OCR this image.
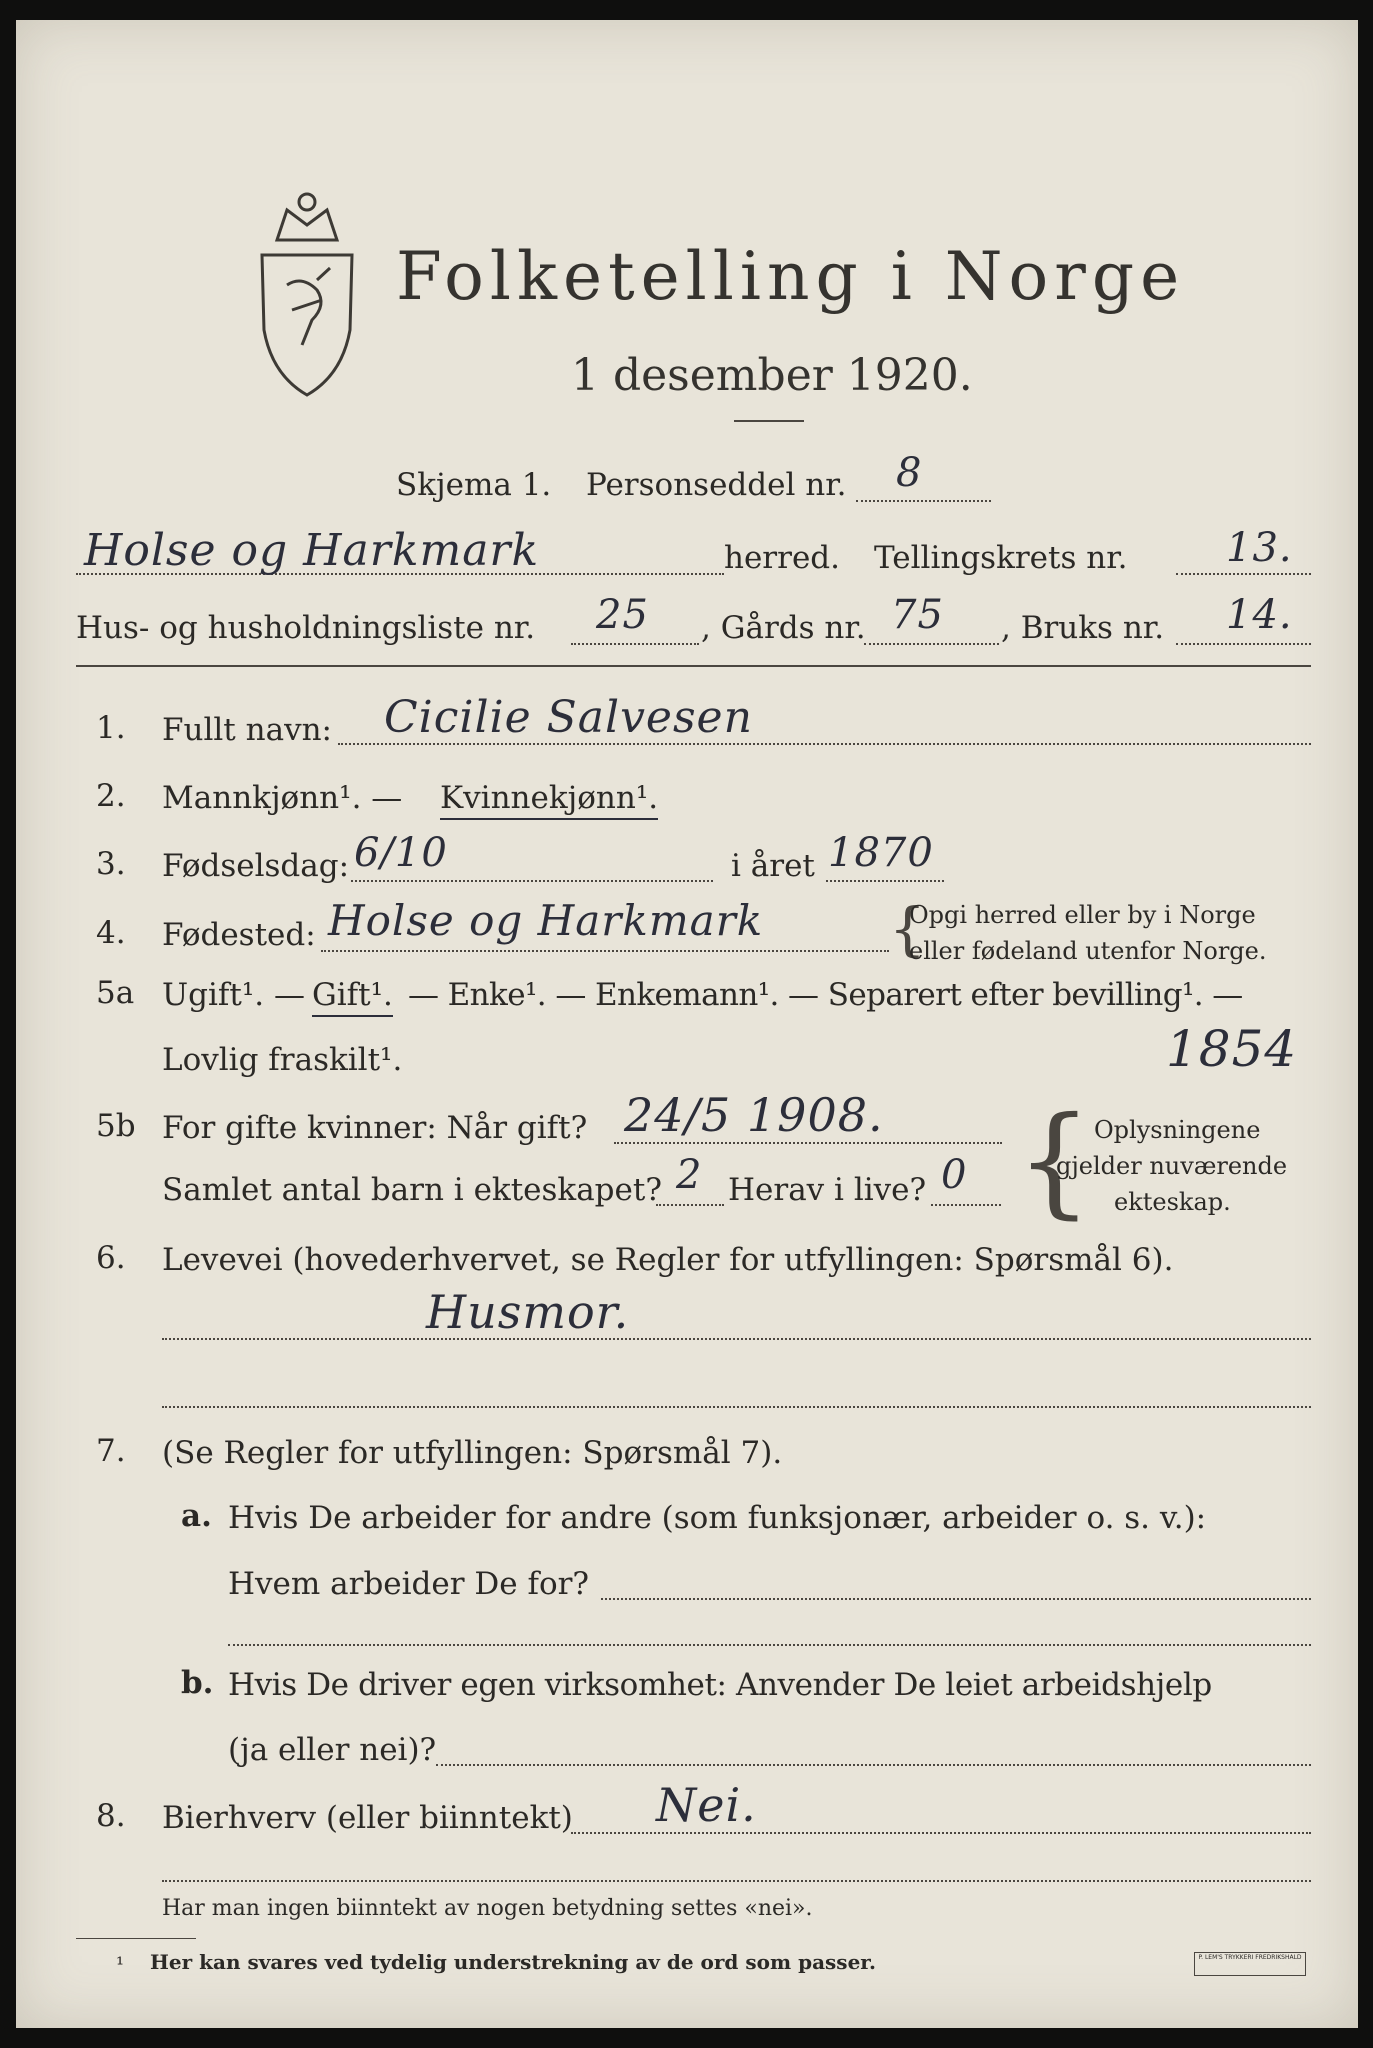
Folketelling i Norge
1 desember 1920.
Skjema 1. Personseddel nr. 8
Holse og Harkmark	herred. Tellingskrets nr. 13.
Hus- og husholdningsliste nr. 25 , Gårds nr. 75 , Bruks nr. 14.
1. Fullt navn: Cicilie Salvesen
2. Mannkjønn¹. — Kvinnekjønn¹.
3. Fødselsdag: 6/10	i året 1870
4. Fødested: Holse og Harkmark {
Opgi herred eller by i Norge
eller fødeland utenfor Norge.
5a Ugift¹. — Gift¹. — Enke¹. — Enkemann¹. — Separert efter bevilling¹. —
Lovlig fraskilt¹.	1854
5b For gifte kvinner: Når gift? 24/5 1908.
Samlet antal barn i ekteskapet? 2 Herav i live? 0 { Oplysningene
gjelder nuværende
ekteskap.
6. Levevei (hovederhvervet, se Regler for utfyllingen: Spørsmål 6).
Husmor.
7. (Se Regler for utfyllingen: Spørsmål 7).
a. Hvis De arbeider for andre (som funksjonær, arbeider o. s. v.):
Hvem arbeider De for?
b. Hvis De driver egen virksomhet: Anvender De leiet arbeidshjelp
(ja eller nei)?
8. Bierhverv (eller biinntekt) Nei.
Har man ingen biinntekt av nogen betydning settes «nei».
¹ Her kan svares ved tydelig understrekning av de ord som passer.	P. LEM'S TRYKKERI FREDRIKSHALD
